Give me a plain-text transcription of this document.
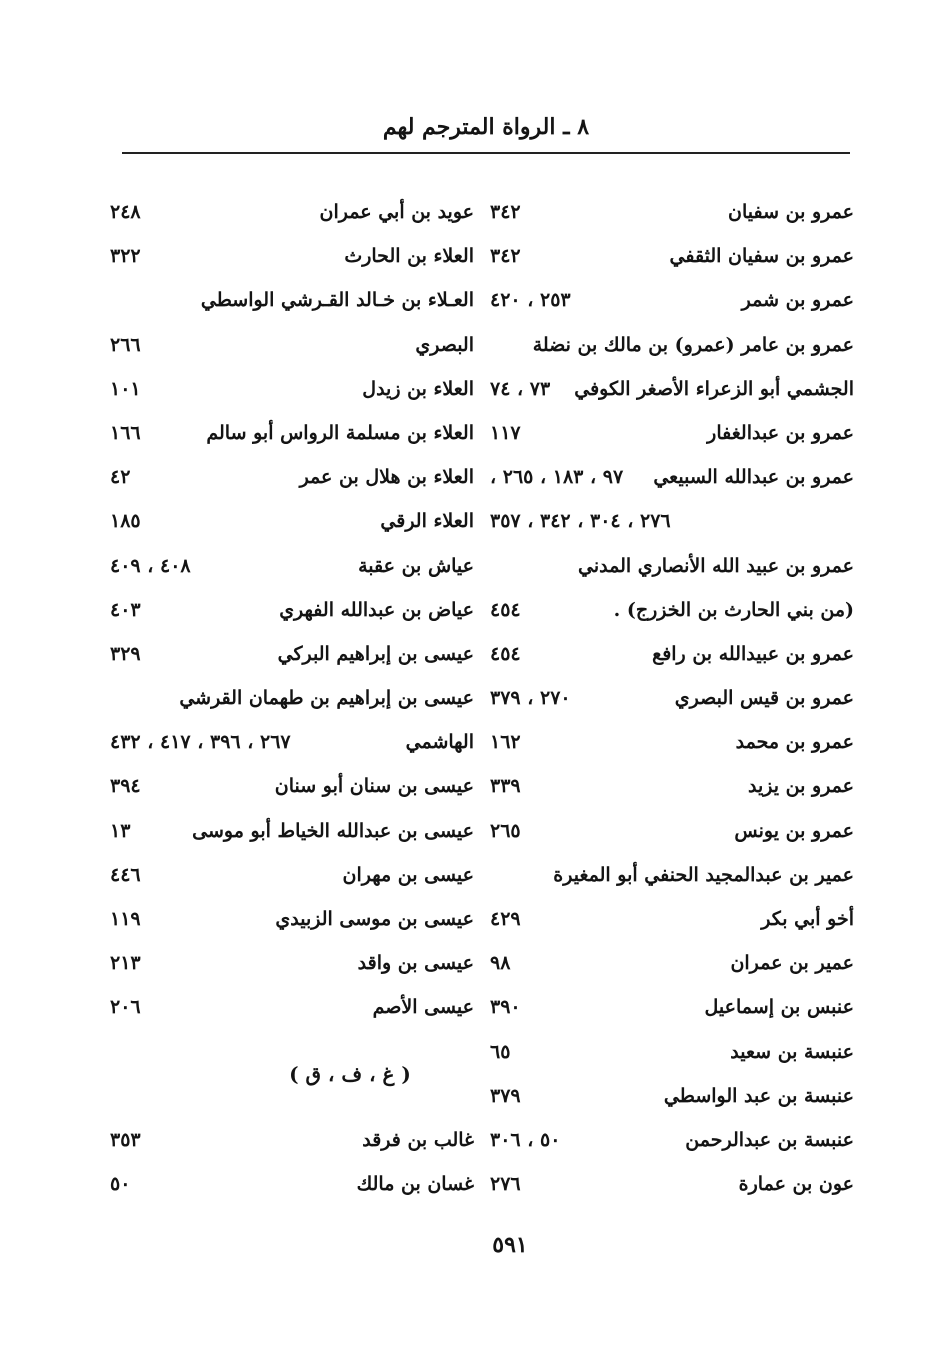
٨ ـ الرواة المترجم لهم
عمرو بن سفيان
٣٤٢
عمرو بن سفيان الثقفي
٣٤٢
عمرو بن شمر
٢٥٣ ، ٤٢٠
عمرو بن عامر (عمرو) بن مالك بن نضلة
الجشمي أبو الزعراء الأصغر الكوفي
٧٣ ، ٧٤
عمرو بن عبدالغفار
١١٧
عمرو بن عبدالله السبيعي
٩٧ ، ١٨٣ ، ٢٦٥ ،
٢٧٦ ، ٣٠٤ ، ٣٤٢ ، ٣٥٧
عمرو بن عبيد الله الأنصاري المدني
(من بني الحارث بن الخزرج) .
٤٥٤
عمرو بن عبيدالله بن رافع
٤٥٤
عمرو بن قيس البصري
٢٧٠ ، ٣٧٩
عمرو بن محمد
١٦٢
عمرو بن يزيد
٣٣٩
عمرو بن يونس
٢٦٥
عمير بن عبدالمجيد الحنفي أبو المغيرة
أخو أبي بكر
٤٢٩
عمير بن عمران
٩٨
عنبس بن إسماعيل
٣٩٠
عنبسة بن سعيد
٦٥
عنبسة بن عبد الواسطي
٣٧٩
عنبسة بن عبدالرحمن
٥٠ ، ٣٠٦
عون بن عمارة
٢٧٦
عويد بن أبي عمران
٢٤٨
العلاء بن الحارث
٣٢٢
العـلاء بن خـالد القـرشي الواسطي
البصري
٢٦٦
العلاء بن زيدل
١٠١
العلاء بن مسلمة الرواس أبو سالم
١٦٦
العلاء بن هلال بن عمر
٤٢
العلاء الرقي
١٨٥
عياش بن عقبة
٤٠٨ ، ٤٠٩
عياض بن عبدالله الفهري
٤٠٣
عيسى بن إبراهيم البركي
٣٢٩
عيسى بن إبراهيم بن طهمان القرشي
الهاشمي
٢٦٧ ، ٣٩٦ ، ٤١٧ ، ٤٣٢
عيسى بن سنان أبو سنان
٣٩٤
عيسى بن عبدالله الخياط أبو موسى
١٣
عيسى بن مهران
٤٤٦
عيسى بن موسى الزبيدي
١١٩
عيسى بن واقد
٢١٣
عيسى الأصم
٢٠٦
( غ ، ف ، ق )
غالب بن فرقد
٣٥٣
غسان بن مالك
٥٠
٥٩١
